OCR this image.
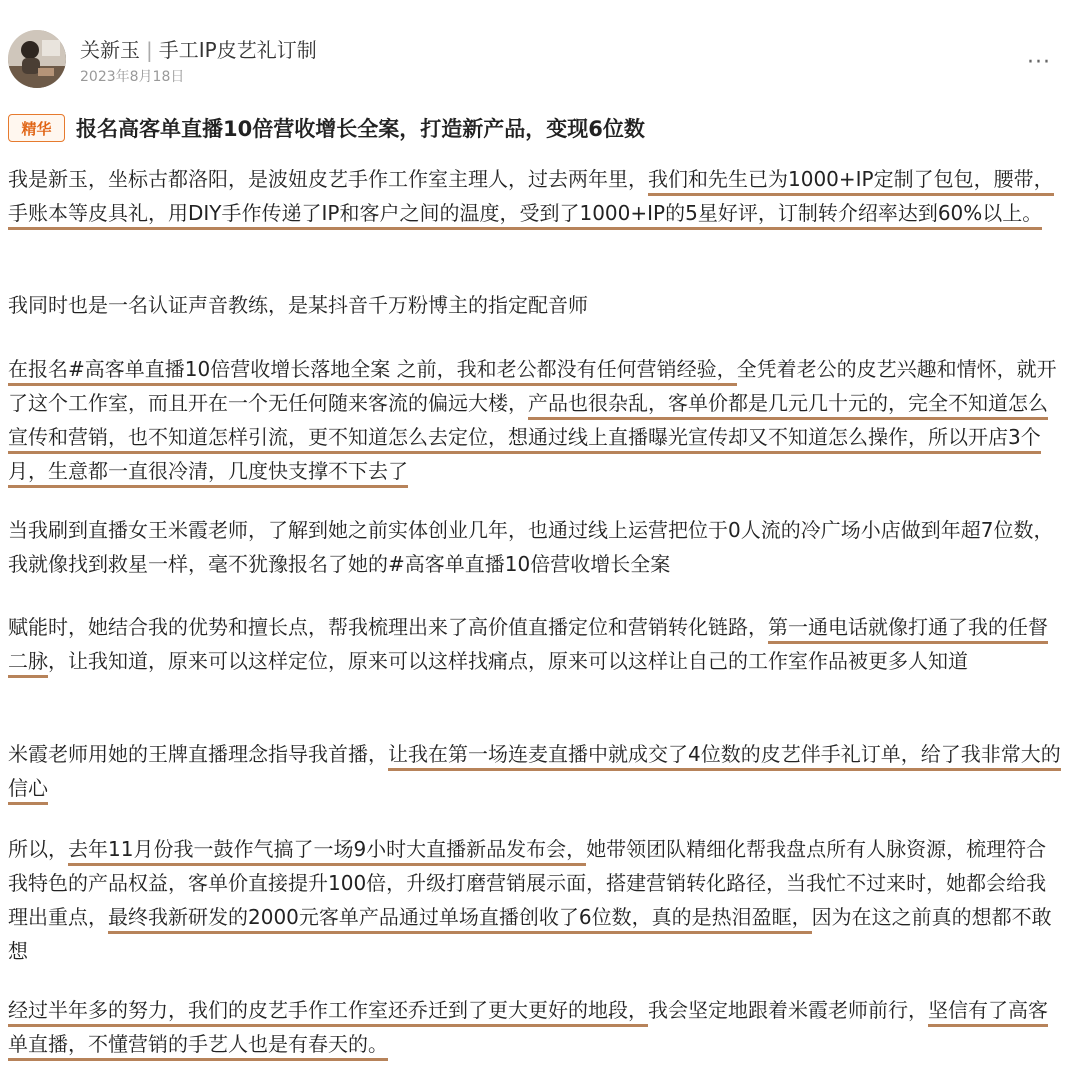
关新玉 | 手工IP皮艺礼订制
2023年8月18日
···
精华	报名高客单直播10倍营收增长全案，打造新产品，变现6位数

我是新玉，坐标古都洛阳，是波妞皮艺手作工作室主理人，过去两年里，我们和先生已为1000+IP定制了包包，腰带，手账本等皮具礼，用DIY手作传递了IP和客户之间的温度，受到了1000+IP的5星好评，订制转介绍率达到60%以上。

我同时也是一名认证声音教练，是某抖音千万粉博主的指定配音师

在报名#高客单直播10倍营收增长落地全案 之前，我和老公都没有任何营销经验，全凭着老公的皮艺兴趣和情怀，就开了这个工作室，而且开在一个无任何随来客流的偏远大楼，产品也很杂乱，客单价都是几元几十元的，完全不知道怎么宣传和营销，也不知道怎样引流，更不知道怎么去定位，想通过线上直播曝光宣传却又不知道怎么操作，所以开店3个月，生意都一直很冷清，几度快支撑不下去了

当我刷到直播女王米霞老师，了解到她之前实体创业几年，也通过线上运营把位于0人流的冷广场小店做到年超7位数，我就像找到救星一样，毫不犹豫报名了她的#高客单直播10倍营收增长全案

赋能时，她结合我的优势和擅长点，帮我梳理出来了高价值直播定位和营销转化链路，第一通电话就像打通了我的任督二脉，让我知道，原来可以这样定位，原来可以这样找痛点，原来可以这样让自己的工作室作品被更多人知道

米霞老师用她的王牌直播理念指导我首播，让我在第一场连麦直播中就成交了4位数的皮艺伴手礼订单，给了我非常大的信心

所以，去年11月份我一鼓作气搞了一场9小时大直播新品发布会，她带领团队精细化帮我盘点所有人脉资源，梳理符合我特色的产品权益，客单价直接提升100倍，升级打磨营销展示面，搭建营销转化路径，当我忙不过来时，她都会给我理出重点，最终我新研发的2000元客单产品通过单场直播创收了6位数，真的是热泪盈眶，因为在这之前真的想都不敢想

经过半年多的努力，我们的皮艺手作工作室还乔迁到了更大更好的地段，我会坚定地跟着米霞老师前行，坚信有了高客单直播，不懂营销的手艺人也是有春天的。
